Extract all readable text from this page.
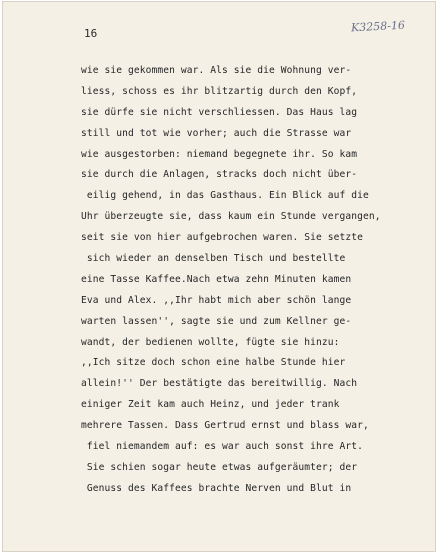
16	K3258-16
wie sie gekommen war. Als sie die Wohnung ver-
liess, schoss es ihr blitzartig durch den Kopf,
sie dürfe sie nicht verschliessen. Das Haus lag
still und tot wie vorher; auch die Strasse war
wie ausgestorben: niemand begegnete ihr. So kam
sie durch die Anlagen, stracks doch nicht über-
eilig gehend, in das Gasthaus. Ein Blick auf die
Uhr überzeugte sie, dass kaum ein Stunde vergangen,
seit sie von hier aufgebrochen waren. Sie setzte
sich wieder an denselben Tisch und bestellte
eine Tasse Kaffee.Nach etwa zehn Minuten kamen
Eva und Alex. ,,Ihr habt mich aber schön lange
warten lassen'', sagte sie und zum Kellner ge-
wandt, der bedienen wollte, fügte sie hinzu:
,,Ich sitze doch schon eine halbe Stunde hier
allein!'' Der bestätigte das bereitwillig. Nach
einiger Zeit kam auch Heinz, und jeder trank
mehrere Tassen. Dass Gertrud ernst und blass war,
fiel niemandem auf: es war auch sonst ihre Art.
Sie schien sogar heute etwas aufgeräumter; der
Genuss des Kaffees brachte Nerven und Blut in
